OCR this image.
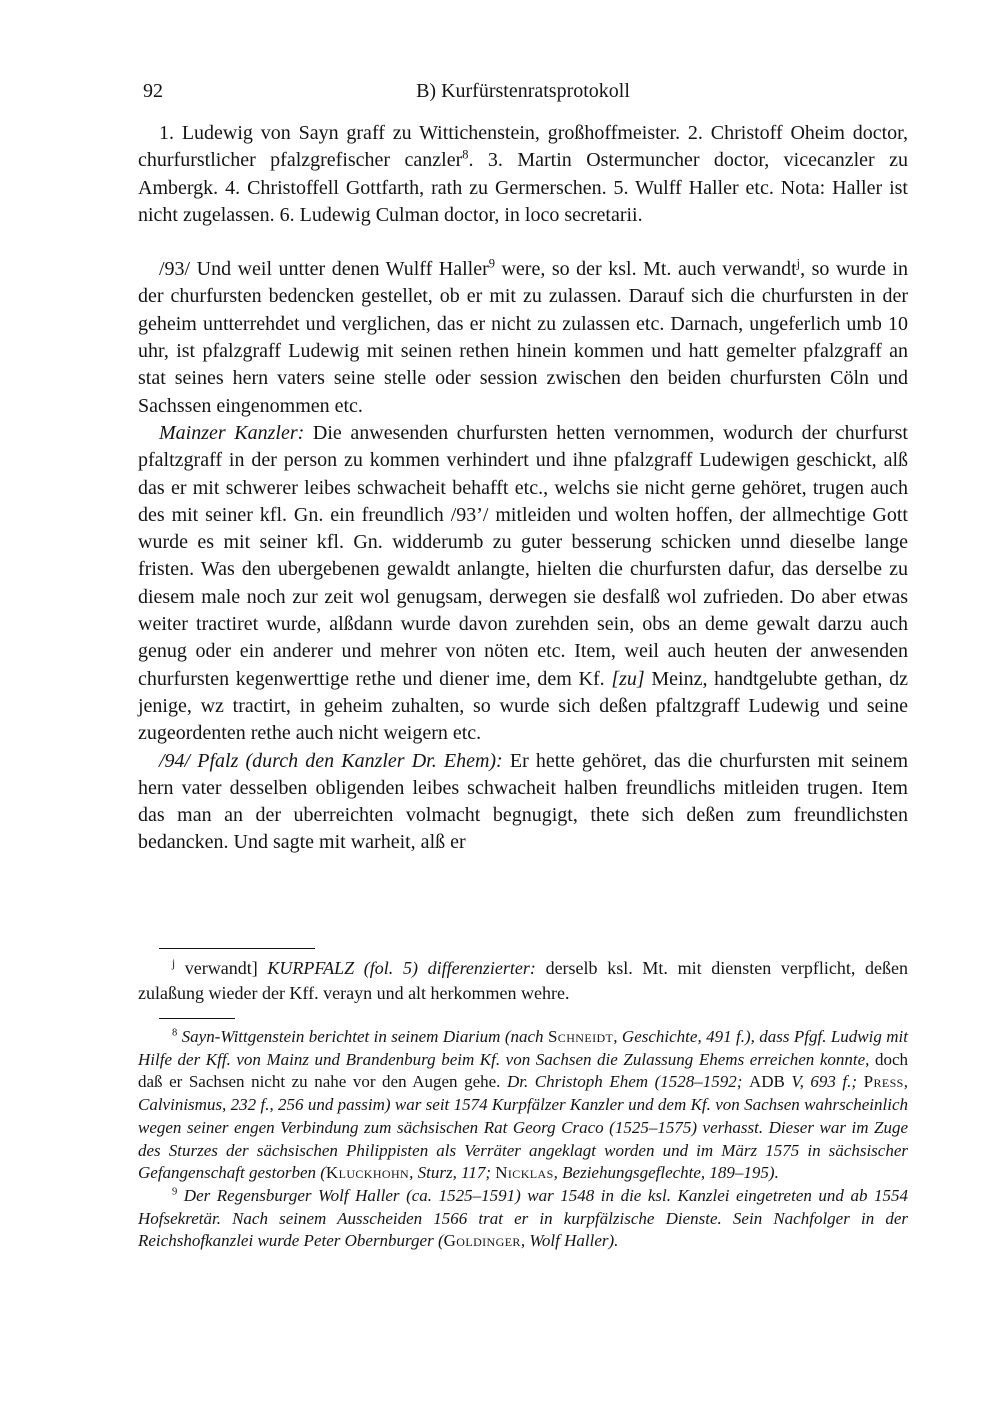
92	B) Kurfürstenratsprotokoll

1. Ludewig von Sayn graff zu Wittichenstein, großhoffmeister. 2. Christoff Oheim doctor, churfurstlicher pfalzgrefischer canzler$^8$. 3. Martin Ostermuncher doctor, vicecanzler zu Ambergk. 4. Christoffell Gottfarth, rath zu Germerschen. 5. Wulff Haller etc. Nota: Haller ist nicht zugelassen. 6. Ludewig Culman doctor, in loco secretarii.

/93/ Und weil untter denen Wulff Haller$^9$ were, so der ksl. Mt. auch verwandt$^j$, so wurde in der churfursten bedencken gestellet, ob er mit zu zulassen. Darauf sich die churfursten in der geheim untterrehdet und verglichen, das er nicht zu zulassen etc. Darnach, ungeferlich umb 10 uhr, ist pfalzgraff Ludewig mit seinen rethen hinein kommen und hatt gemelter pfalzgraff an stat seines hern vaters seine stelle oder session zwischen den beiden churfursten Cöln und Sachssen eingenommen etc.

Mainzer Kanzler: Die anwesenden churfursten hetten vernommen, wodurch der churfurst pfaltzgraff in der person zu kommen verhindert und ihne pfalzgraff Ludewigen geschickt, alß das er mit schwerer leibes schwacheit behafft etc., welchs sie nicht gerne gehöret, trugen auch des mit seiner kfl. Gn. ein freundlich /93’/ mitleiden und wolten hoffen, der allmechtige Gott wurde es mit seiner kfl. Gn. widderumb zu guter besserung schicken unnd dieselbe lange fristen. Was den ubergebenen gewaldt anlangte, hielten die churfursten dafur, das derselbe zu diesem male noch zur zeit wol genugsam, derwegen sie desfalß wol zufrieden. Do aber etwas weiter tractiret wurde, alßdann wurde davon zurehden sein, obs an deme gewalt darzu auch genug oder ein anderer und mehrer von nöten etc. Item, weil auch heuten der anwesenden churfursten kegenwerttige rethe und diener ime, dem Kf. [zu] Meinz, handtgelubte gethan, dz jenige, wz tractirt, in geheim zuhalten, so wurde sich deßen pfaltzgraff Ludewig und seine zugeordenten rethe auch nicht weigern etc.

/94/ Pfalz (durch den Kanzler Dr. Ehem): Er hette gehöret, das die churfursten mit seinem hern vater desselben obligenden leibes schwacheit halben freundlichs mitleiden trugen. Item das man an der uberreichten volmacht begnugigt, thete sich deßen zum freundlichsten bedancken. Und sagte mit warheit, alß er

$^j$ verwandt] KURPFALZ (fol. 5) differenzierter: derselb ksl. Mt. mit diensten verpflicht, deßen zulaßung wieder der Kff. verayn und alt herkommen wehre.

$^8$ Sayn-Wittgenstein berichtet in seinem Diarium (nach Schneidt, Geschichte, 491 f.), dass Pfgf. Ludwig mit Hilfe der Kff. von Mainz und Brandenburg beim Kf. von Sachsen die Zulassung Ehems erreichen konnte, doch daß er Sachsen nicht zu nahe vor den Augen gehe. Dr. Christoph Ehem (1528–1592; ADB V, 693 f.; Press, Calvinismus, 232 f., 256 und passim) war seit 1574 Kurpfälzer Kanzler und dem Kf. von Sachsen wahrscheinlich wegen seiner engen Verbindung zum sächsischen Rat Georg Craco (1525–1575) verhasst. Dieser war im Zuge des Sturzes der sächsischen Philippisten als Verräter angeklagt worden und im März 1575 in sächsischer Gefangenschaft gestorben (Kluckhohn, Sturz, 117; Nicklas, Beziehungsgeflechte, 189–195).

$^9$ Der Regensburger Wolf Haller (ca. 1525–1591) war 1548 in die ksl. Kanzlei eingetreten und ab 1554 Hofsekretär. Nach seinem Ausscheiden 1566 trat er in kurpfälzische Dienste. Sein Nachfolger in der Reichshofkanzlei wurde Peter Obernburger (Goldinger, Wolf Haller).
